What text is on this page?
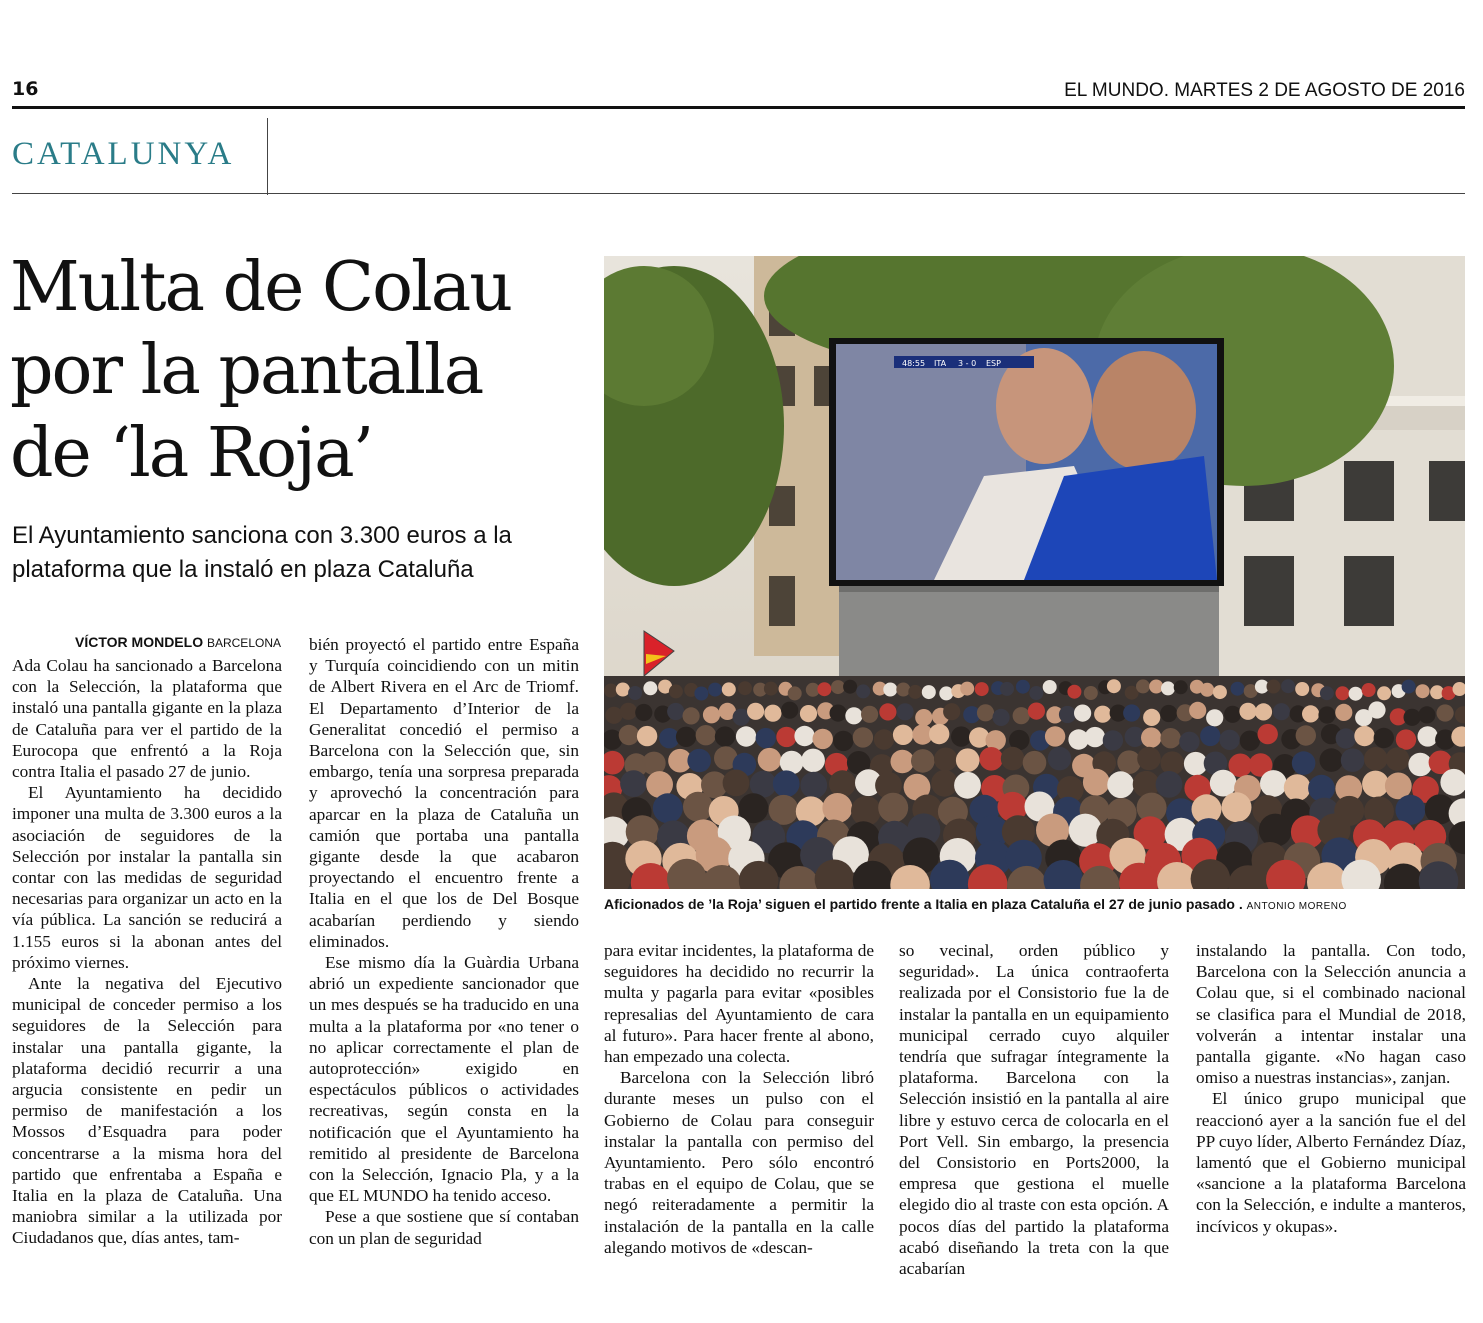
16	EL MUNDO. MARTES 2 DE AGOSTO DE 2016
CATALUNYA
Multa de Colau
por la pantalla
de ‘la Roja’

El Ayuntamiento sanciona con 3.300 euros a la plataforma que la instaló en plaza Cataluña

48:55 ITA 3 - 0 ESP
Aficionados de ’la Roja’ siguen el partido frente a Italia en plaza Cataluña el 27 de junio pasado . ANTONIO MORENO
VÍCTOR MONDELO BARCELONA

Ada Colau ha sancionado a Barcelona con la Selección, la plataforma que instaló una pantalla gigante en la plaza de Cataluña para ver el partido de la Eurocopa que enfrentó a la Roja contra Italia el pasado 27 de junio.

El Ayuntamiento ha decidido imponer una multa de 3.300 euros a la asociación de seguidores de la Selección por instalar la pantalla sin contar con las medidas de seguridad necesarias para organizar un acto en la vía pública. La sanción se reducirá a 1.155 euros si la abonan antes del próximo viernes.

Ante la negativa del Ejecutivo municipal de conceder permiso a los seguidores de la Selección para instalar una pantalla gigante, la plataforma decidió recurrir a una argucia consistente en pedir un permiso de manifestación a los Mossos d’Esquadra para poder concentrarse a la misma hora del partido que enfrentaba a España e Italia en la plaza de Cataluña. Una maniobra similar a la utilizada por Ciudadanos que, días antes, tam-

bién proyectó el partido entre España y Turquía coincidiendo con un mitin de Albert Rivera en el Arc de Triomf. El Departamento d’Interior de la Generalitat concedió el permiso a Barcelona con la Selección que, sin embargo, tenía una sorpresa preparada y aprovechó la concentración para aparcar en la plaza de Cataluña un camión que portaba una pantalla gigante desde la que acabaron proyectando el encuentro frente a Italia en el que los de Del Bosque acabarían perdiendo y siendo eliminados.

Ese mismo día la Guàrdia Urbana abrió un expediente sancionador que un mes después se ha traducido en una multa a la plataforma por «no tener o no aplicar correctamente el plan de autoprotección» exigido en espectáculos públicos o actividades recreativas, según consta en la notificación que el Ayuntamiento ha remitido al presidente de Barcelona con la Selección, Ignacio Pla, y a la que EL MUNDO ha tenido acceso.

Pese a que sostiene que sí contaban con un plan de seguridad

para evitar incidentes, la plataforma de seguidores ha decidido no recurrir la multa y pagarla para evitar «posibles represalias del Ayuntamiento de cara al futuro». Para hacer frente al abono, han empezado una colecta.

Barcelona con la Selección libró durante meses un pulso con el Gobierno de Colau para conseguir instalar la pantalla con permiso del Ayuntamiento. Pero sólo encontró trabas en el equipo de Colau, que se negó reiteradamente a permitir la instalación de la pantalla en la calle alegando motivos de «descan-

so vecinal, orden público y seguridad». La única contraoferta realizada por el Consistorio fue la de instalar la pantalla en un equipamiento municipal cerrado cuyo alquiler tendría que sufragar íntegramente la plataforma. Barcelona con la Selección insistió en la pantalla al aire libre y estuvo cerca de colocarla en el Port Vell. Sin embargo, la presencia del Consistorio en Ports2000, la empresa que gestiona el muelle elegido dio al traste con esta opción. A pocos días del partido la plataforma acabó diseñando la treta con la que acabarían

instalando la pantalla. Con todo, Barcelona con la Selección anuncia a Colau que, si el combinado nacional se clasifica para el Mundial de 2018, volverán a intentar instalar una pantalla gigante. «No hagan caso omiso a nuestras instancias», zanjan.

El único grupo municipal que reaccionó ayer a la sanción fue el del PP cuyo líder, Alberto Fernández Díaz, lamentó que el Gobierno municipal «sancione a la plataforma Barcelona con la Selección, e indulte a manteros, incívicos y okupas».
